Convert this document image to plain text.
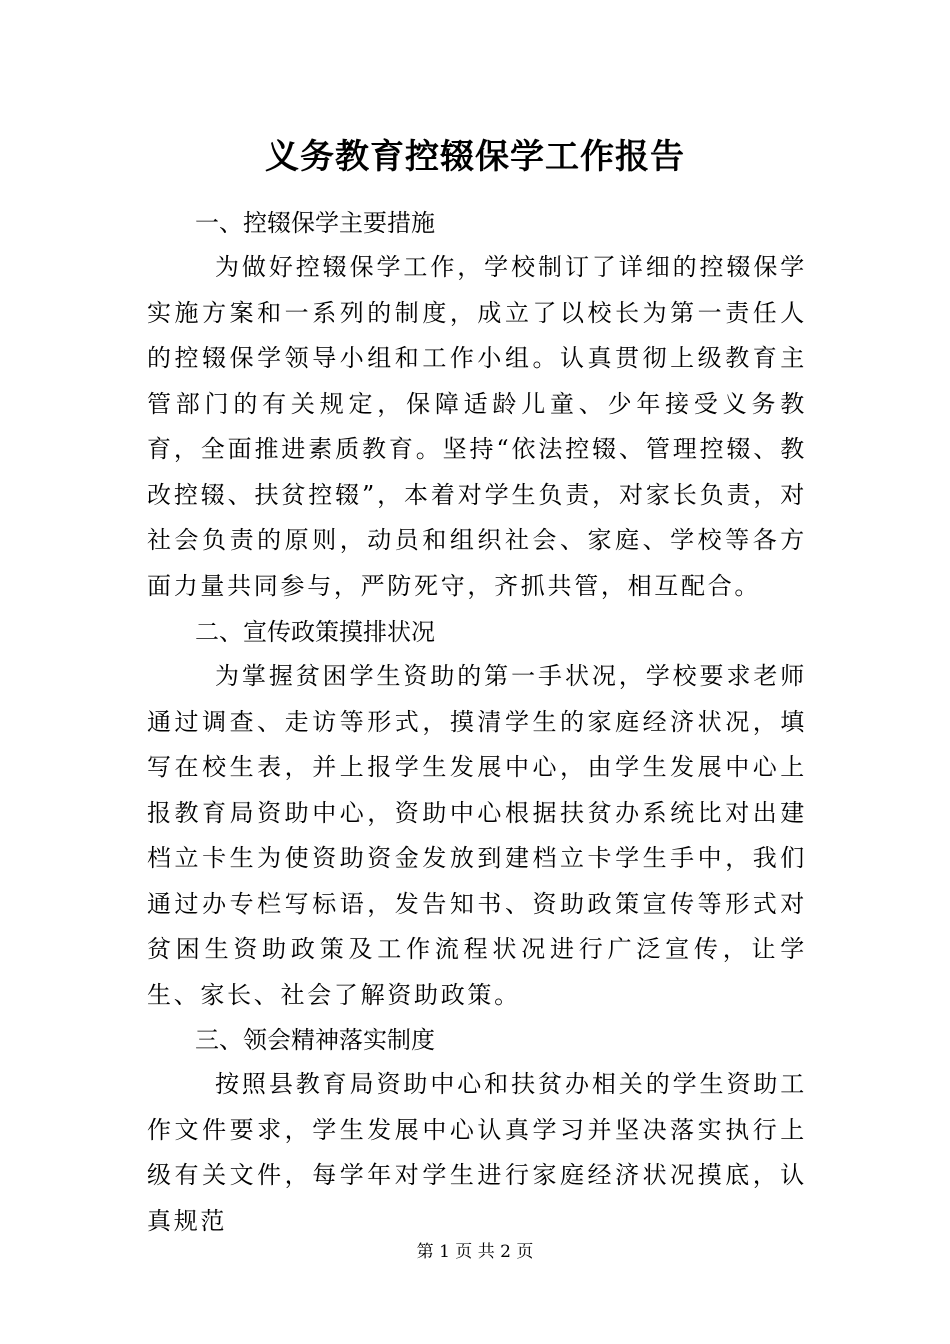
义务教育控辍保学工作报告
一、控辍保学主要措施

为做好控辍保学工作，学校制订了详细的控辍保学实施方案和一系列的制度，成立了以校长为第一责任人的控辍保学领导小组和工作小组。认真贯彻上级教育主管部门的有关规定，保障适龄儿童、少年接受义务教育，全面推进素质教育。坚持“依法控辍、管理控辍、教改控辍、扶贫控辍”，本着对学生负责，对家长负责，对社会负责的原则，动员和组织社会、家庭、学校等各方面力量共同参与，严防死守，齐抓共管，相互配合。

二、宣传政策摸排状况

为掌握贫困学生资助的第一手状况，学校要求老师通过调查、走访等形式，摸清学生的家庭经济状况，填写在校生表，并上报学生发展中心，由学生发展中心上报教育局资助中心，资助中心根据扶贫办系统比对出建档立卡生为使资助资金发放到建档立卡学生手中，我们通过办专栏写标语，发告知书、资助政策宣传等形式对贫困生资助政策及工作流程状况进行广泛宣传，让学生、家长、社会了解资助政策。

三、领会精神落实制度

按照县教育局资助中心和扶贫办相关的学生资助工作文件要求，学生发展中心认真学习并坚决落实执行上级有关文件，每学年对学生进行家庭经济状况摸底，认真规范

第 1 页 共 2 页
